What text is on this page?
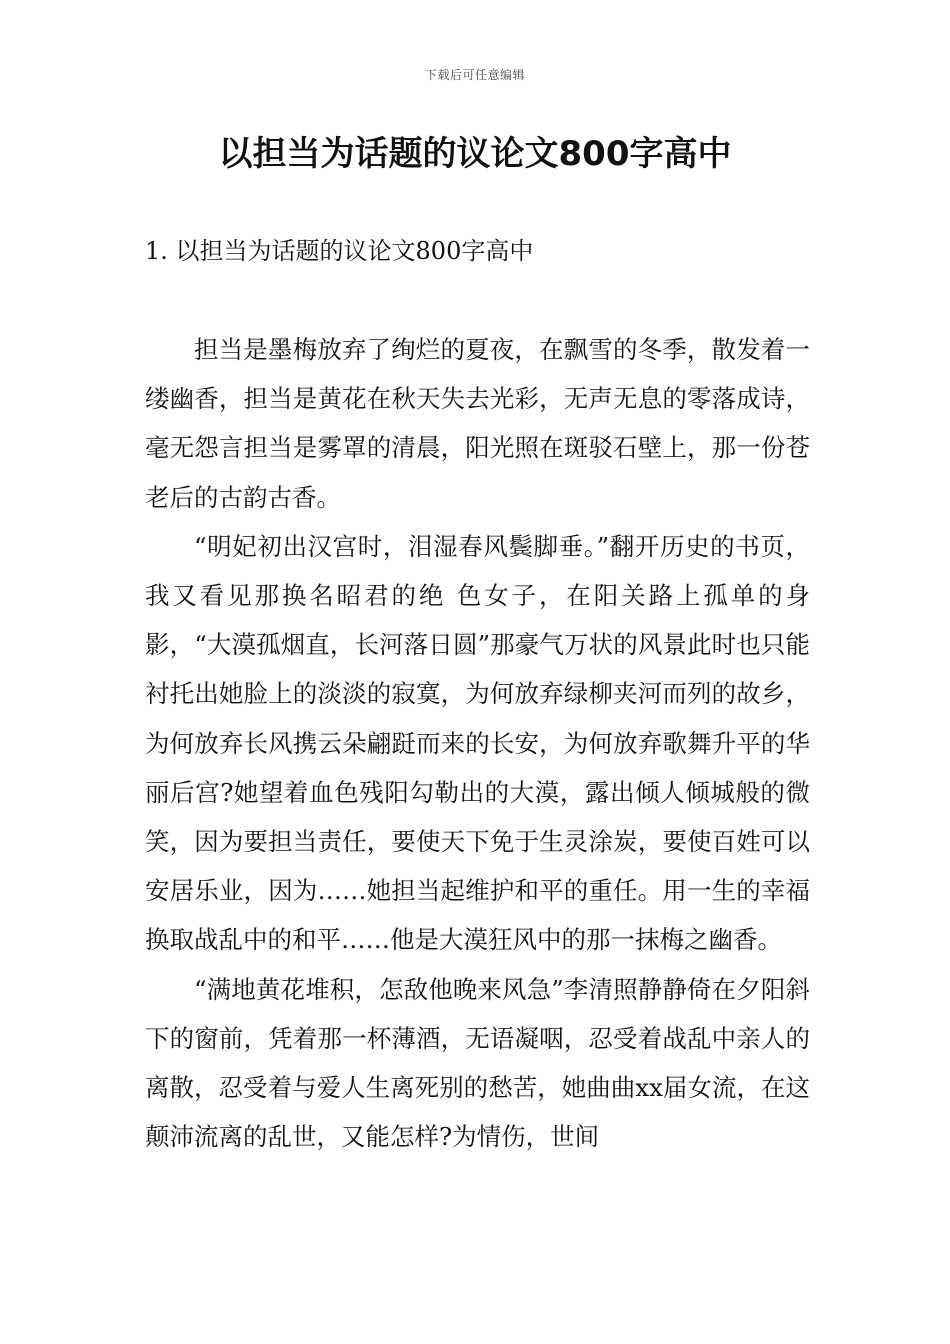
下载后可任意编辑
以担当为话题的议论文800字高中
1. 以担当为话题的议论文800字高中

担当是墨梅放弃了绚烂的夏夜，在飘雪的冬季，散发着一缕幽香，担当是黄花在秋天失去光彩，无声无息的零落成诗，毫无怨言担当是雾罩的清晨，阳光照在斑驳石壁上，那一份苍老后的古韵古香。

“明妃初出汉宫时，泪湿春风鬓脚垂。”翻开历史的书页，我又看见那换名昭君的绝 色女子，在阳关路上孤单的身影，“大漠孤烟直，长河落日圆”那豪气万状的风景此时也只能衬托出她脸上的淡淡的寂寞，为何放弃绿柳夹河而列的故乡，为何放弃长风携云朵翩跹而来的长安，为何放弃歌舞升平的华丽后宫?她望着血色残阳勾勒出的大漠，露出倾人倾城般的微笑，因为要担当责任，要使天下免于生灵涂炭，要使百姓可以安居乐业，因为……她担当起维护和平的重任。用一生的幸福换取战乱中的和平……他是大漠狂风中的那一抹梅之幽香。

“满地黄花堆积，怎敌他晚来风急”李清照静静倚在夕阳斜下的窗前，凭着那一杯薄酒，无语凝咽，忍受着战乱中亲人的离散，忍受着与爱人生离死别的愁苦，她曲曲xx届女流，在这颠沛流离的乱世，又能怎样?为情伤，世间
